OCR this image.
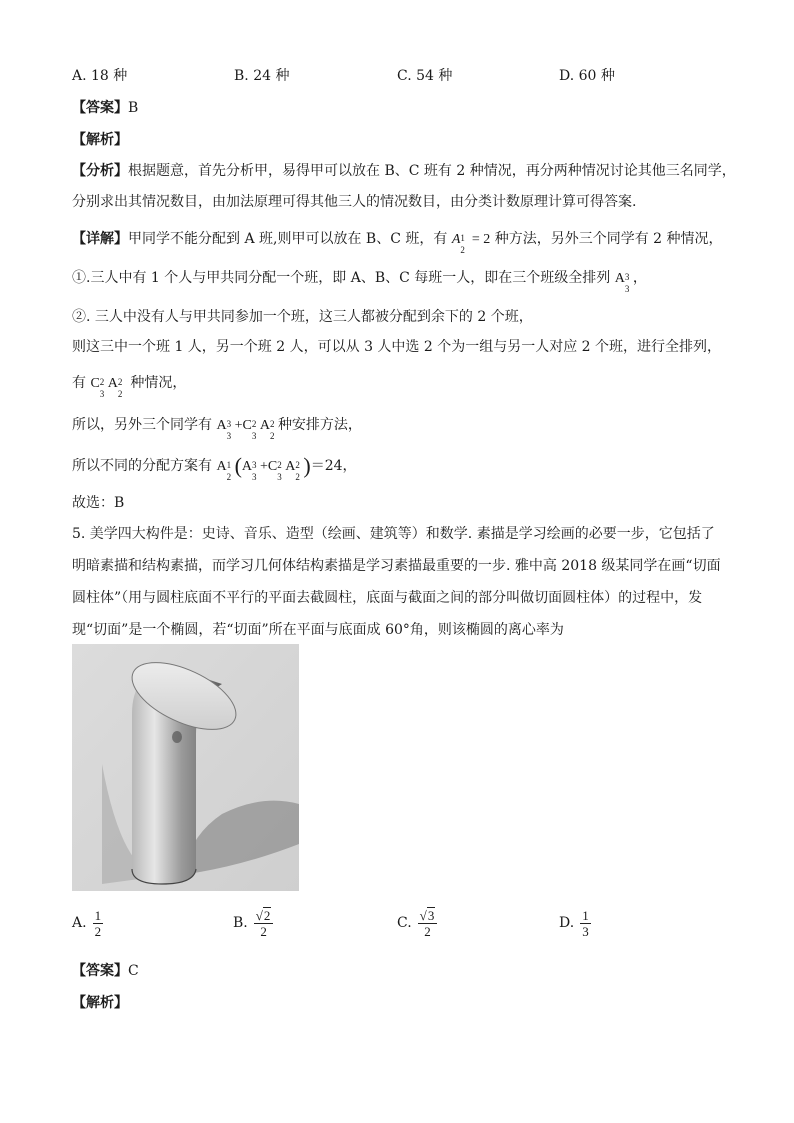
A. 18 种	B. 24 种	C. 54 种	D. 60 种
【答案】B
【解析】
【分析】根据题意，首先分析甲，易得甲可以放在 B、C 班有 2 种情况，再分两种情况讨论其他三名同学，
分别求出其情况数目，由加法原理可得其他三人的情况数目，由分类计数原理计算可得答案.
【详解】甲同学不能分配到 A 班,则甲可以放在 B、C 班，有 A 1
2
= 2 种方法，另外三个同学有 2 种情况，
①.三人中有 1 个人与甲共同分配一个班，即 A、B、C 每班一人，即在三个班级全排列 A 3
3
，
②. 三人中没有人与甲共同参加一个班，这三人都被分配到余下的 2 个班，
则这三中一个班 1 人，另一个班 2 人，可以从 3 人中选 2 个为一组与另一人对应 2 个班，进行全排列，
有 C 2
3
A 2
2
种情况，
所以，另外三个同学有 A 3
3
+C 2
3
A 2
2
种安排方法，
所以不同的分配方案有 A 1
2 (A 3
3
+C 2
3
A 2
2 )＝24，
故选：B
5. 美学四大构件是：史诗、音乐、造型（绘画、建筑等）和数学. 素描是学习绘画的必要一步，它包括了
明暗素描和结构素描，而学习几何体结构素描是学习素描最重要的一步. 雅中高 2018 级某同学在画“切面
圆柱体”（用与圆柱底面不平行的平面去截圆柱，底面与截面之间的部分叫做切面圆柱体）的过程中，发
现“切面”是一个椭圆，若“切面”所在平面与底面成 60°角，则该椭圆的离心率为
A. $\frac{1}{2}$	B. $\frac{√2}{2}$	C. $\frac{√3}{2}$	D. $\frac{1}{3}$
【答案】C
【解析】
